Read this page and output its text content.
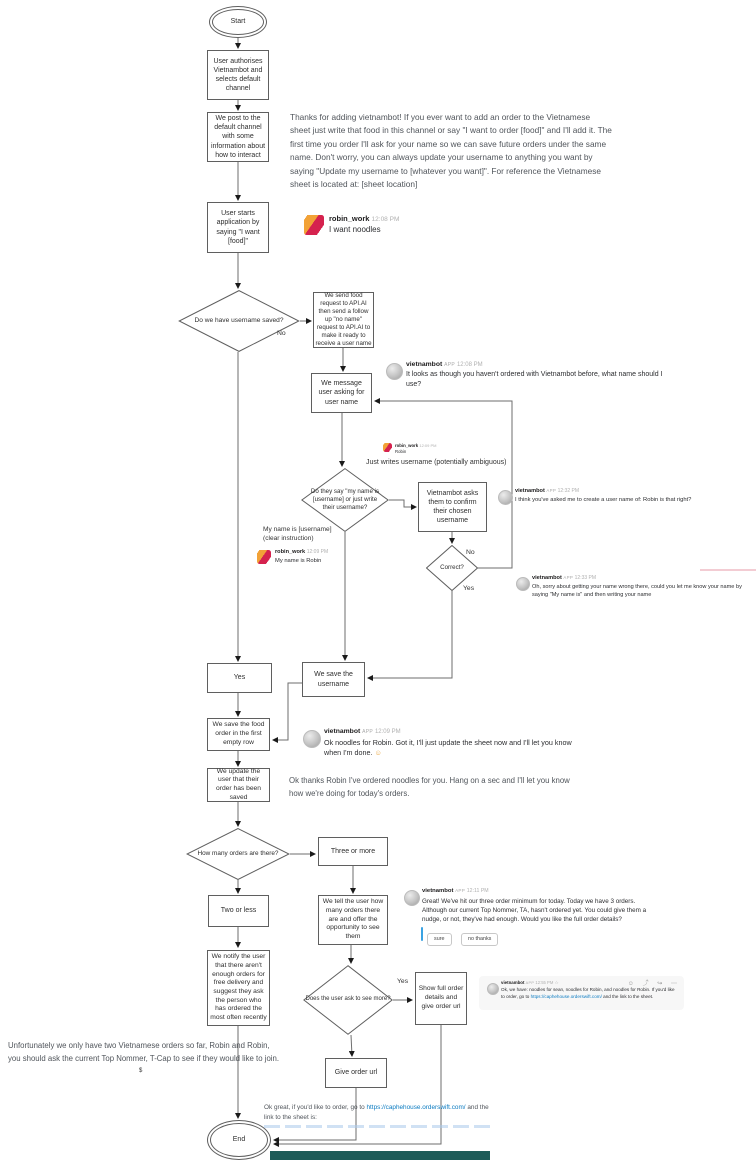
Start
User authorises Vietnambot and selects default channel
We post to the default channel with some information about how to interact
User starts application by saying "I want [food]"
Do we have username saved?
No
We send food request to API.AI then send a follow up "no name" request to API.AI to make it ready to receive a user name
We message user asking for user name
Do they say "my name is [username] or just write their username?
Vietnambot asks them to confirm their chosen username
Correct?
No
Yes
Yes	We save the username
We save the food order in the first empty row
We update the user that their order has been saved
How many orders are there?	Three or more
Two or less
We tell the user how many orders there are and offer the opportunity to see them
We notify the user that there aren't enough orders for free delivery and suggest they ask the person who has ordered the most often recently
Does the user ask to see more?
Yes
Show full order details and give order url
Give order url
End
Just writes username (potentially ambiguous)
My name is [username] (clear instruction)
$
Thanks for adding vietnambot! If you ever want to add an order to the Vietnamese sheet just write that food in this channel or say "I want to order [food]" and I'll add it. The first time you order I'll ask for your name so we can save future orders under the same name. Don't worry, you can always update your username to anything you want by saying "Update my username to [whatever you want]". For reference the Vietnamese sheet is located at: [sheet location]
Ok thanks Robin I've ordered noodles for you. Hang on a sec and I'll let you know how we're doing for today's orders.
Unfortunately we only have two Vietnamese orders so far, Robin and Robin, you should ask the current Top Nommer, T-Cap to see if they would like to join.
Ok great, if you'd like to order, go to https://caphehouse.orderswift.com/ and the link to the sheet is:
robin_work 12:08 PM
I want noodles
vietnambot APP 12:08 PM
It looks as though you haven't ordered with Vietnambot before, what name should I use?
robin_work 12:09 PM
Robin
vietnambot APP 12:32 PM
I think you've asked me to create a user name of: Robin is that right?
robin_work 12:09 PM
My name is Robin
vietnambot APP 12:33 PM
Oh, sorry about getting your name wrong there, could you let me know your name by saying "My name is" and then writing your name
vietnambot APP 12:09 PM
Ok noodles for Robin. Got it, I'll just update the sheet now and I'll let you know when I'm done. ☺
vietnambot APP 12:11 PM
Great! We've hit our three order minimum for today. Today we have 3 orders. Although our current Top Nommer, TA, hasn't ordered yet. You could give them a nudge, or not, they've had enough. Would you like the full order details?
sure	no thanks
vietnambot APP 12:55 PM ☆
Ok, we have: noodles for sean, noodles for Robin, and noodles for Robin. If you'd like to order, go to https://caphehouse.orderswift.com/ and the link to the sheet.
☺ ⤴ ↪ ⋯
